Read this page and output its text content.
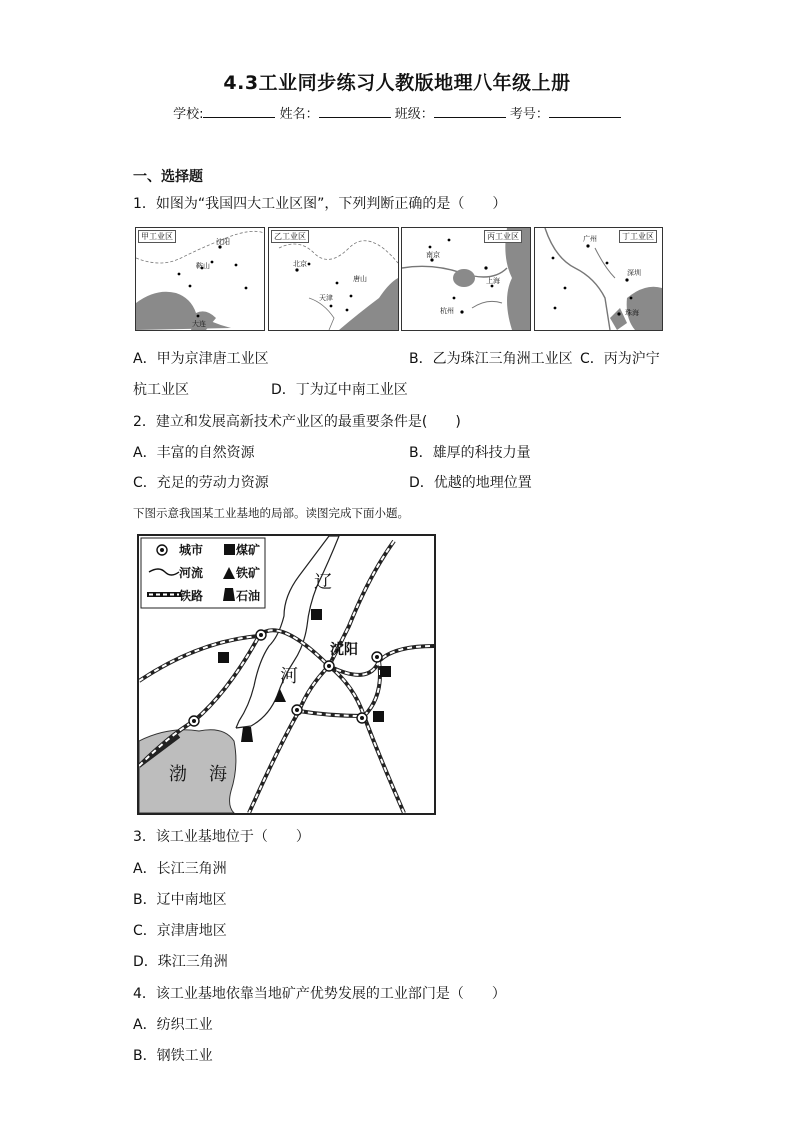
4.3工业同步练习人教版地理八年级上册
学校:	姓名：	班级：	考号：
一、选择题
1．如图为“我国四大工业区图”，下列判断正确的是（　　）
甲工业区
沈阳
鞍山
大连
乙工业区
北京
唐山
天津
丙工业区
南京
上海
杭州
广州	丁工业区
深圳
珠海
A．甲为京津唐工业区	B．乙为珠江三角洲工业区 C．丙为沪宁
杭工业区	D．丁为辽中南工业区
2．建立和发展高新技术产业区的最重要条件是(　　)
A．丰富的自然资源	B．雄厚的科技力量
C．充足的劳动力资源	D．优越的地理位置
下图示意我国某工业基地的局部。读图完成下面小题。
城市	煤矿
河流	铁矿
铁路	石油
辽
河
沈阳
渤 海
3．该工业基地位于（　　）
A．长江三角洲
B．辽中南地区
C．京津唐地区
D．珠江三角洲
4．该工业基地依靠当地矿产优势发展的工业部门是（　　）
A．纺织工业
B．钢铁工业
